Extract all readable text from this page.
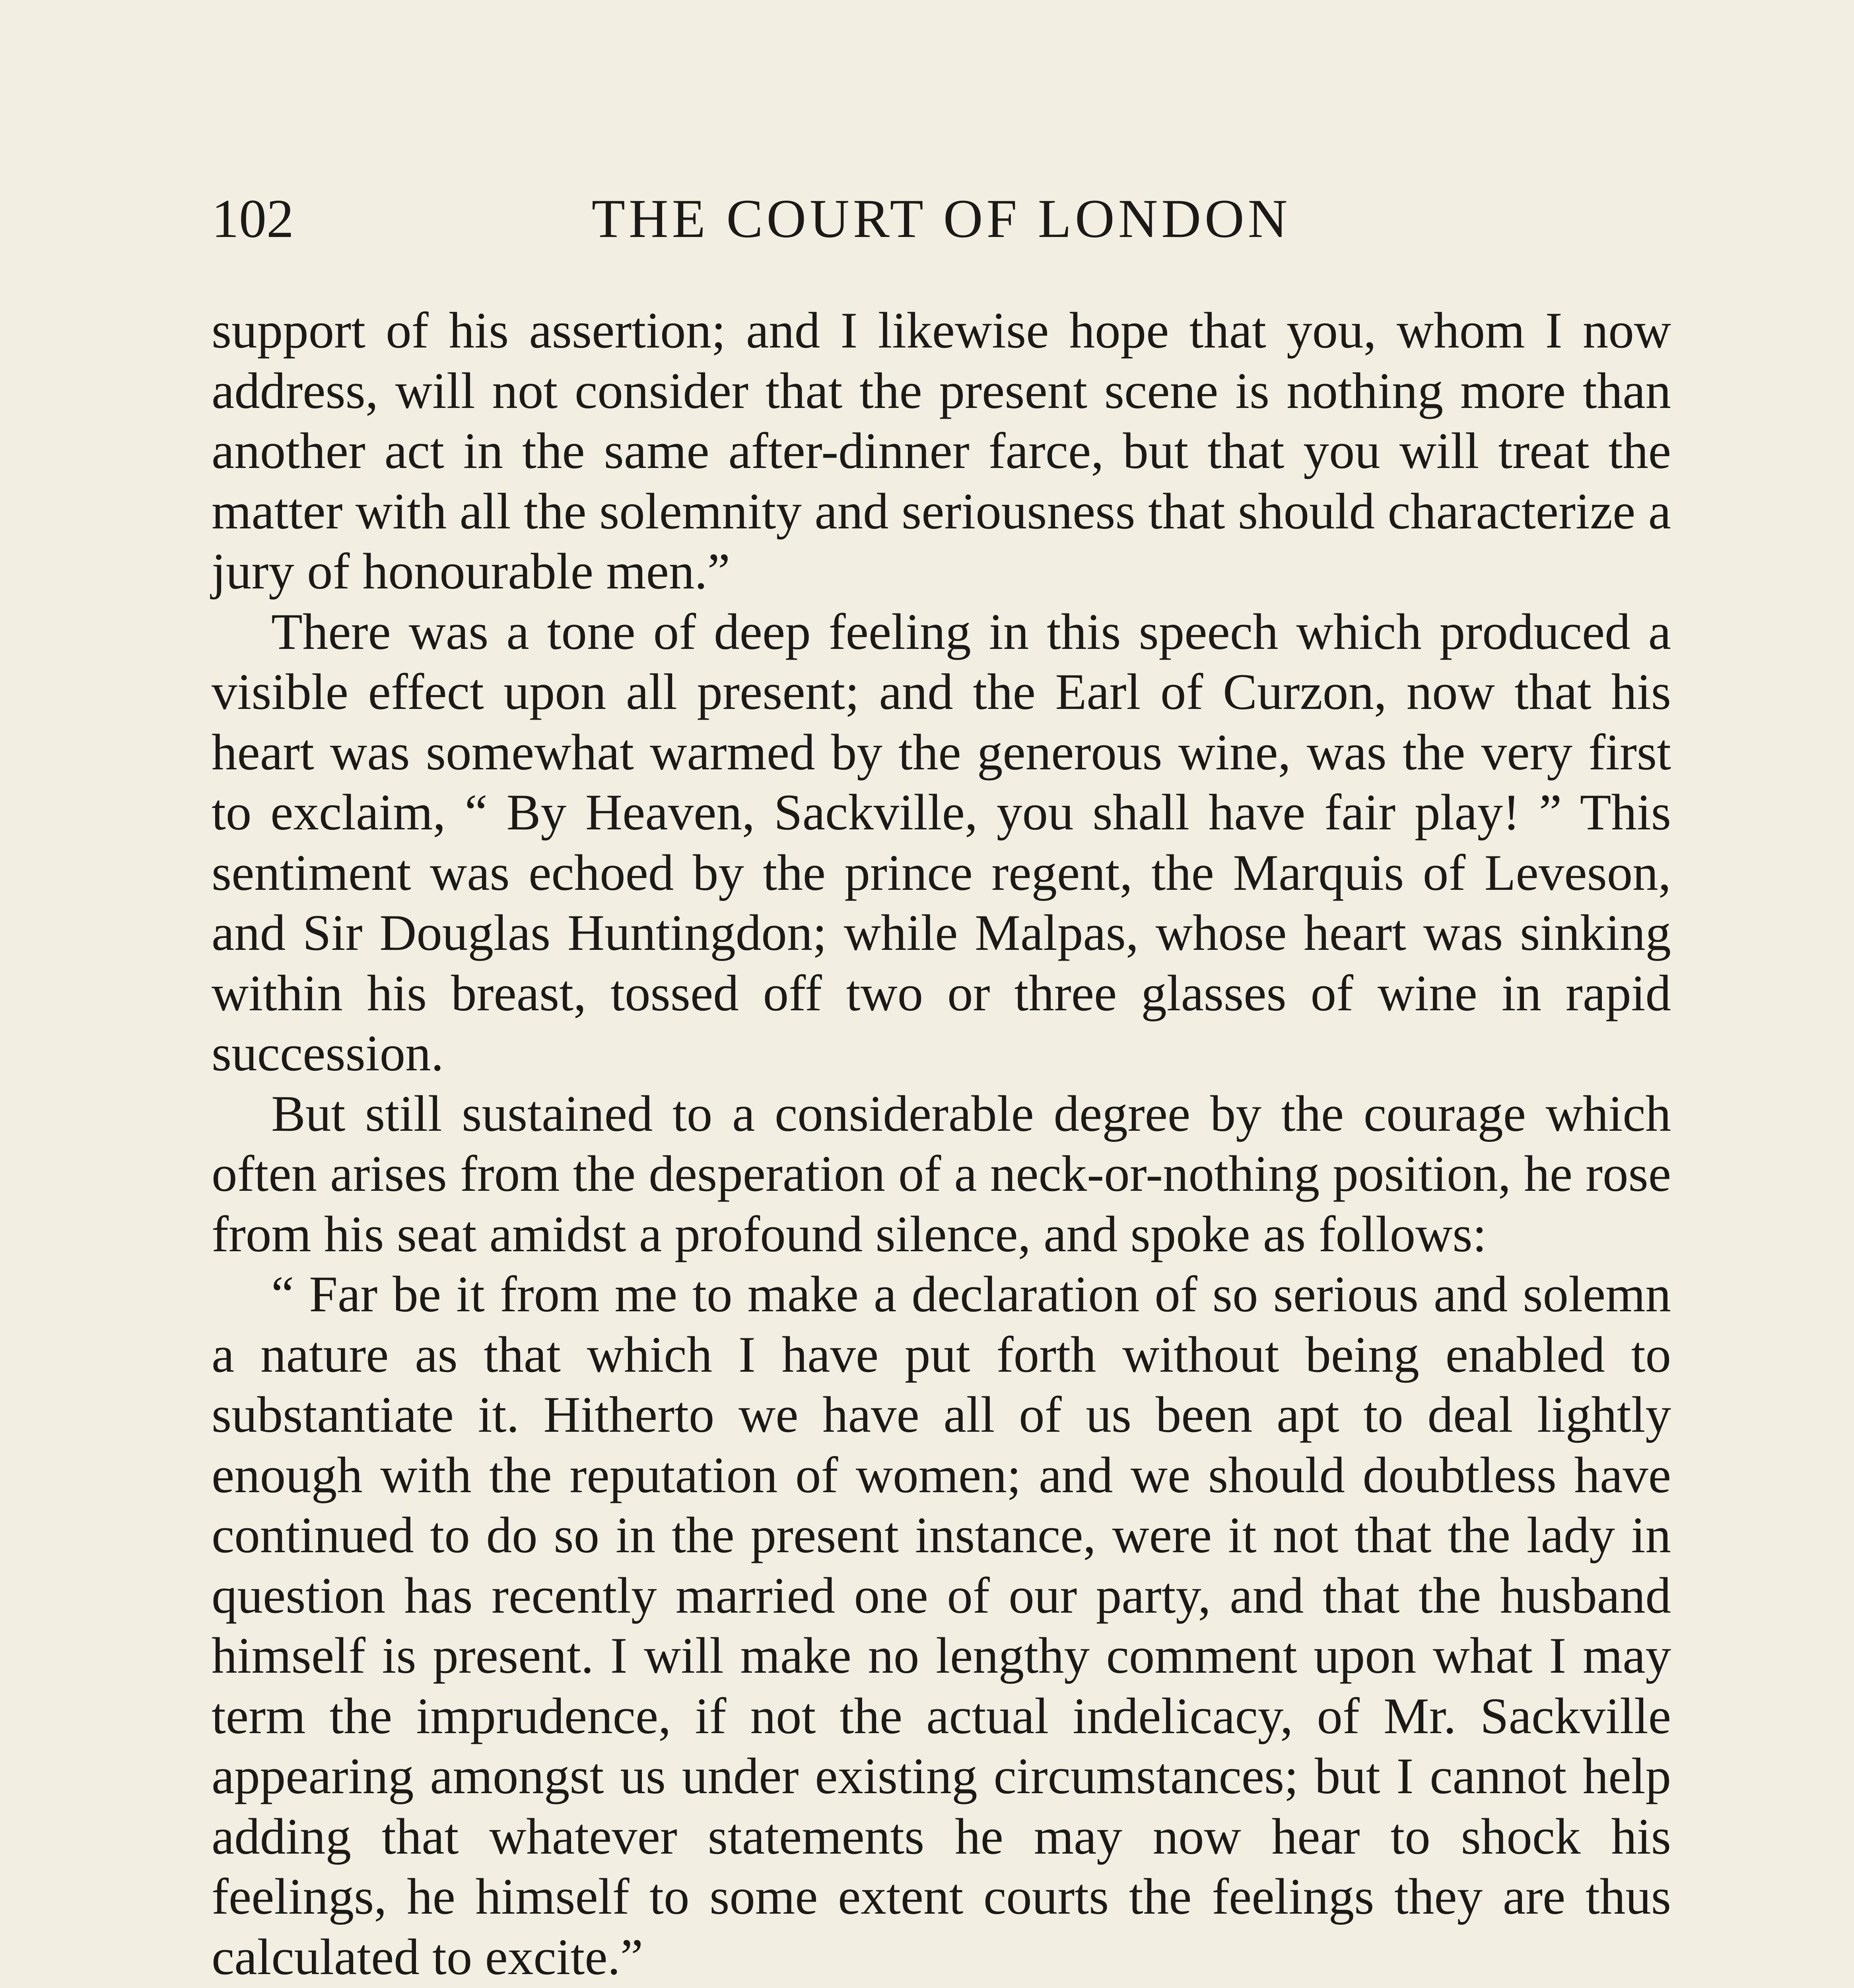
THE COURT OF LONDON
102

support of his assertion; and I likewise hope that you, whom I now address, will not consider that the present scene is nothing more than another act in the same after-dinner farce, but that you will treat the matter with all the solemnity and seriousness that should characterize a jury of honourable men.”

There was a tone of deep feeling in this speech which produced a visible effect upon all present; and the Earl of Curzon, now that his heart was somewhat warmed by the generous wine, was the very first to exclaim, “ By Heaven, Sackville, you shall have fair play! ” This sentiment was echoed by the prince regent, the Marquis of Leveson, and Sir Douglas Huntingdon; while Malpas, whose heart was sinking within his breast, tossed off two or three glasses of wine in rapid succession.

But still sustained to a considerable degree by the courage which often arises from the desperation of a neck-or-nothing position, he rose from his seat amidst a profound silence, and spoke as follows:

“ Far be it from me to make a declaration of so serious and solemn a nature as that which I have put forth without being enabled to substantiate it. Hitherto we have all of us been apt to deal lightly enough with the reputation of women; and we should doubtless have continued to do so in the present instance, were it not that the lady in question has recently married one of our party, and that the husband himself is present. I will make no lengthy comment upon what I may term the imprudence, if not the actual indelicacy, of Mr. Sackville appearing amongst us under existing circumstances; but I cannot help adding that whatever statements he may now hear to shock his feelings, he himself to some extent courts the feelings they are thus calculated to excite.”
